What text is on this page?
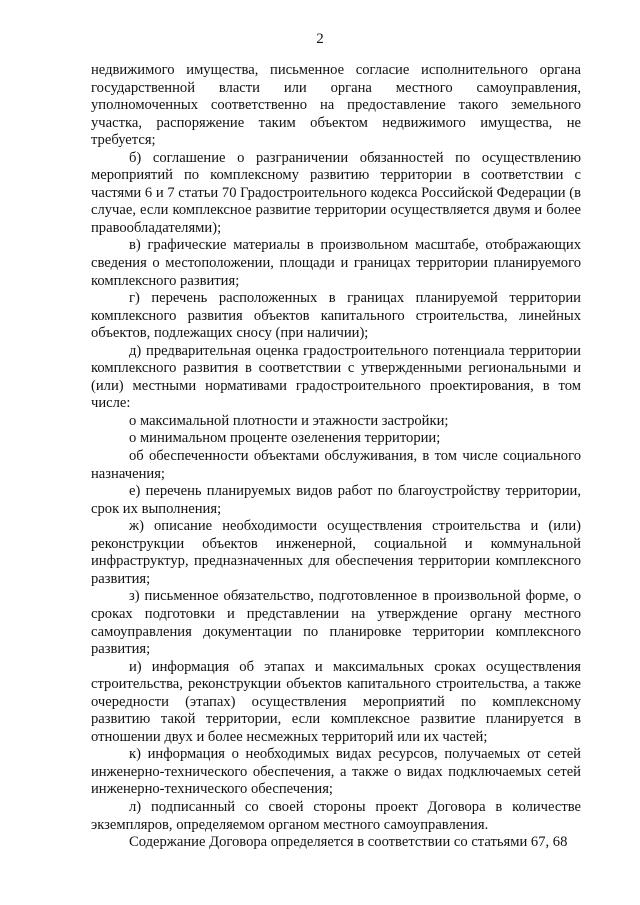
2

недвижимого имущества, письменное согласие исполнительного органа государственной власти или органа местного самоуправления, уполномоченных соответственно на предоставление такого земельного участка, распоряжение таким объектом недвижимого имущества, не требуется;

б) соглашение о разграничении обязанностей по осуществлению мероприятий по комплексному развитию территории в соответствии с частями 6 и 7 статьи 70 Градостроительного кодекса Российской Федерации (в случае, если комплексное развитие территории осуществляется двумя и более правообладателями);

в) графические материалы в произвольном масштабе, отображающих сведения о местоположении, площади и границах территории планируемого комплексного развития;

г) перечень расположенных в границах планируемой территории комплексного развития объектов капитального строительства, линейных объектов, подлежащих сносу (при наличии);

д) предварительная оценка градостроительного потенциала территории комплексного развития в соответствии с утвержденными региональными и (или) местными нормативами градостроительного проектирования, в том числе:

о максимальной плотности и этажности застройки;

о минимальном проценте озеленения территории;

об обеспеченности объектами обслуживания, в том числе социального назначения;

е) перечень планируемых видов работ по благоустройству территории, срок их выполнения;

ж) описание необходимости осуществления строительства и (или) реконструкции объектов инженерной, социальной и коммунальной инфраструктур, предназначенных для обеспечения территории комплексного развития;

з) письменное обязательство, подготовленное в произвольной форме, о сроках подготовки и представлении на утверждение органу местного самоуправления документации по планировке территории комплексного развития;

и) информация об этапах и максимальных сроках осуществления строительства, реконструкции объектов капитального строительства, а также очередности (этапах) осуществления мероприятий по комплексному развитию такой территории, если комплексное развитие планируется в отношении двух и более несмежных территорий или их частей;

к) информация о необходимых видах ресурсов, получаемых от сетей инженерно-технического обеспечения, а также о видах подключаемых сетей инженерно-технического обеспечения;

л) подписанный со своей стороны проект Договора в количестве экземпляров, определяемом органом местного самоуправления.

Содержание Договора определяется в соответствии со статьями 67, 68
